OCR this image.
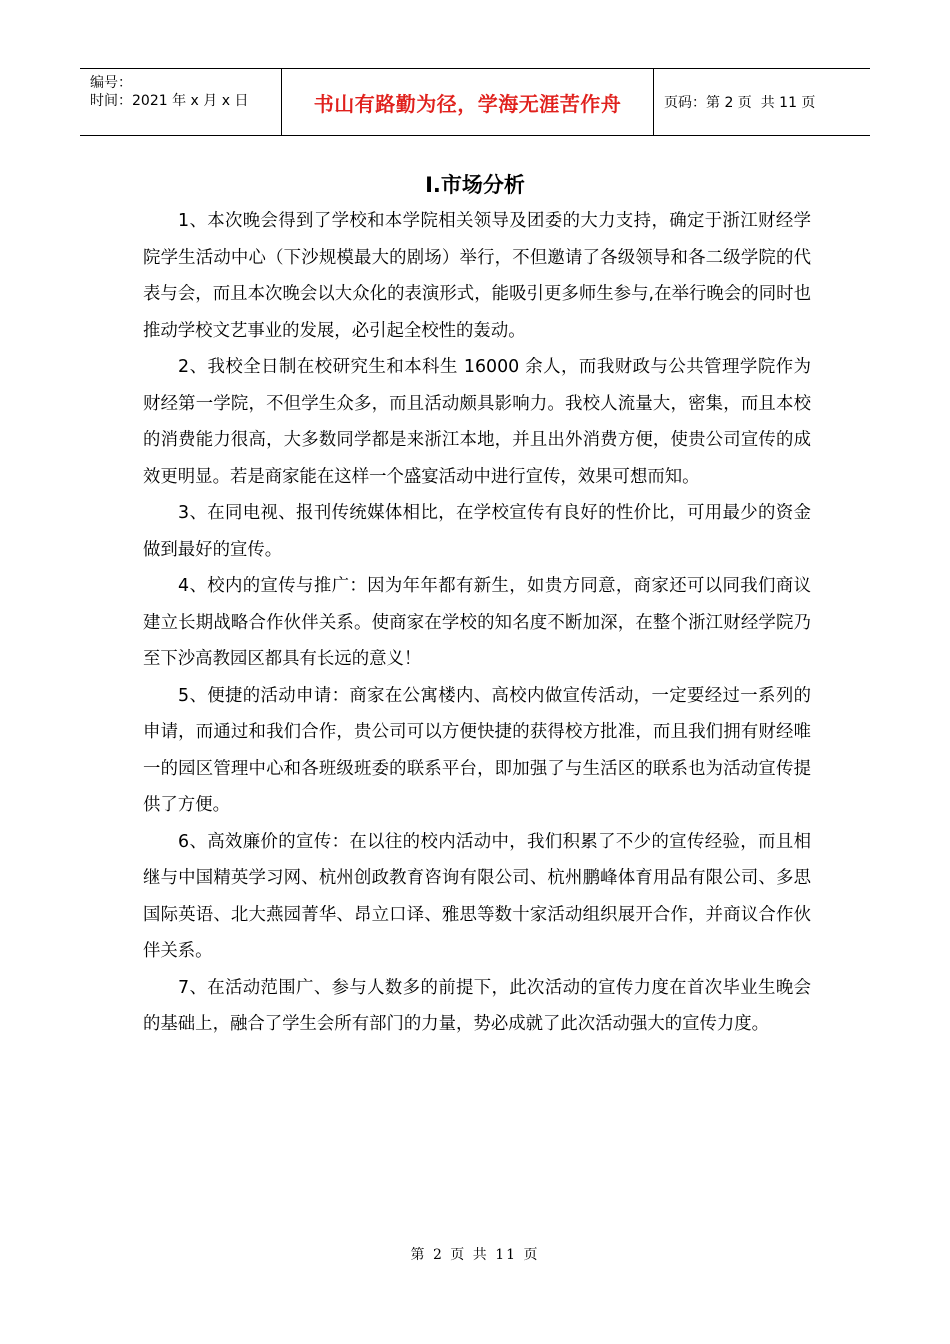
编号：
时间：2021 年 x 月 x 日	书山有路勤为径，学海无涯苦作舟	页码：第 2 页  共 11 页
Ⅰ.市场分析

1、本次晚会得到了学校和本学院相关领导及团委的大力支持，确定于浙江财经学院学生活动中心（下沙规模最大的剧场）举行，不但邀请了各级领导和各二级学院的代表与会，而且本次晚会以大众化的表演形式，能吸引更多师生参与,在举行晚会的同时也推动学校文艺事业的发展，必引起全校性的轰动。

2、我校全日制在校研究生和本科生 16000 余人，而我财政与公共管理学院作为财经第一学院，不但学生众多，而且活动颇具影响力。我校人流量大，密集，而且本校的消费能力很高，大多数同学都是来浙江本地，并且出外消费方便，使贵公司宣传的成效更明显。若是商家能在这样一个盛宴活动中进行宣传，效果可想而知。

3、在同电视、报刊传统媒体相比，在学校宣传有良好的性价比，可用最少的资金做到最好的宣传。

4、校内的宣传与推广：因为年年都有新生，如贵方同意，商家还可以同我们商议建立长期战略合作伙伴关系。使商家在学校的知名度不断加深，在整个浙江财经学院乃至下沙高教园区都具有长远的意义！

5、便捷的活动申请：商家在公寓楼内、高校内做宣传活动，一定要经过一系列的申请，而通过和我们合作，贵公司可以方便快捷的获得校方批准，而且我们拥有财经唯一的园区管理中心和各班级班委的联系平台，即加强了与生活区的联系也为活动宣传提供了方便。

6、高效廉价的宣传：在以往的校内活动中，我们积累了不少的宣传经验，而且相继与中国精英学习网、杭州创政教育咨询有限公司、杭州鹏峰体育用品有限公司、多思国际英语、北大燕园菁华、昂立口译、雅思等数十家活动组织展开合作，并商议合作伙伴关系。

7、在活动范围广、参与人数多的前提下，此次活动的宣传力度在首次毕业生晚会的基础上，融合了学生会所有部门的力量，势必成就了此次活动强大的宣传力度。

第 2 页 共 11 页
